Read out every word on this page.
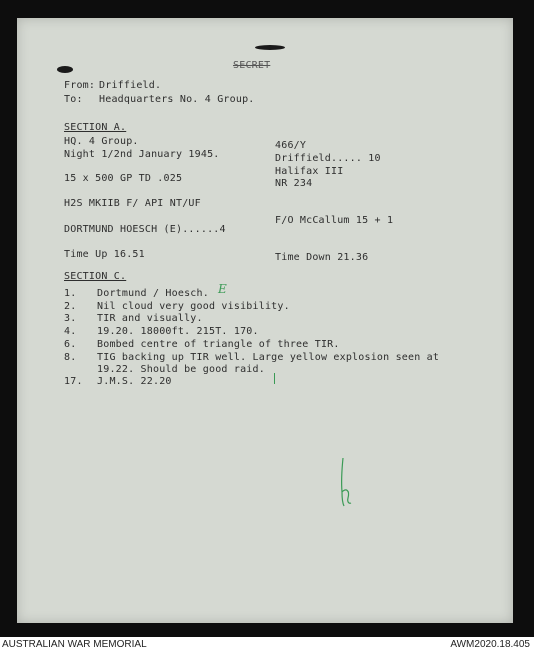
SECRET
From: Driffield.
To: Headquarters No. 4 Group.
SECTION A.
HQ. 4 Group.
Night 1/2nd January 1945.
15 x 500 GP TD .025
H2S MKIIB F/ API NT/UF
DORTMUND HOESCH (E)......4
Time Up 16.51
466/Y
Driffield..... 10
Halifax III
NR 234
F/O McCallum 15 + 1
Time Down 21.36
SECTION C.
1. Dortmund / Hoesch. E
2. Nil cloud very good visibility.
3. TIR and visually.
4. 19.20. 18000ft. 215T. 170.
6. Bombed centre of triangle of three TIR.
8. TIG backing up TIR well. Large yellow explosion seen at
19.22. Should be good raid.
17. J.M.S. 22.20
AUSTRALIAN WAR MEMORIAL	AWM2020.18.405
